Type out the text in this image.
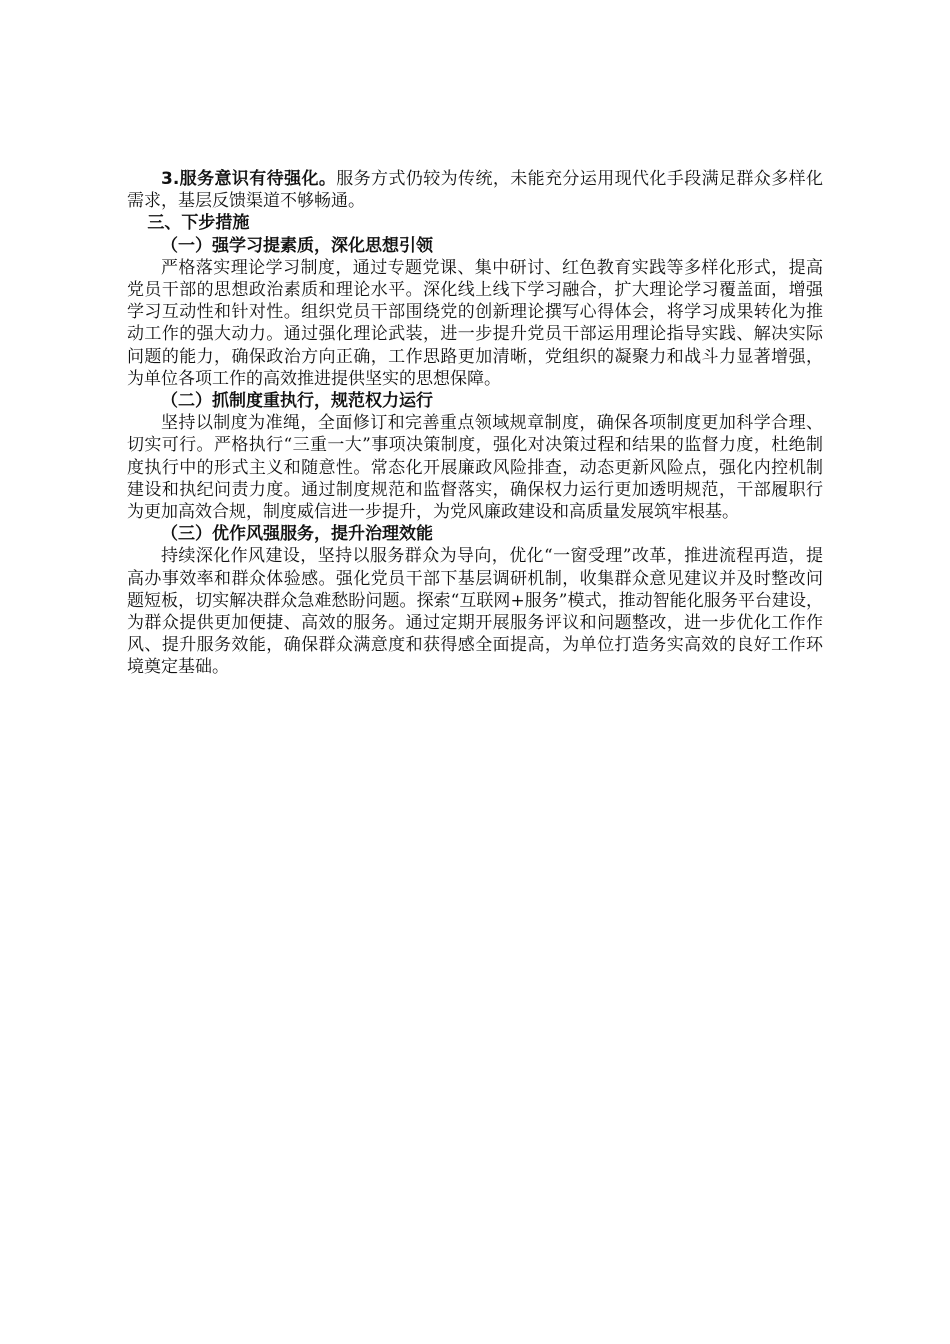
3.服务意识有待强化。服务方式仍较为传统，未能充分运用现代化手段满足群众多样化需求，基层反馈渠道不够畅通。

三、下步措施

（一）强学习提素质，深化思想引领

严格落实理论学习制度，通过专题党课、集中研讨、红色教育实践等多样化形式，提高党员干部的思想政治素质和理论水平。深化线上线下学习融合，扩大理论学习覆盖面，增强学习互动性和针对性。组织党员干部围绕党的创新理论撰写心得体会，将学习成果转化为推动工作的强大动力。通过强化理论武装，进一步提升党员干部运用理论指导实践、解决实际问题的能力，确保政治方向正确，工作思路更加清晰，党组织的凝聚力和战斗力显著增强，为单位各项工作的高效推进提供坚实的思想保障。

（二）抓制度重执行，规范权力运行

坚持以制度为准绳，全面修订和完善重点领域规章制度，确保各项制度更加科学合理、切实可行。严格执行“三重一大”事项决策制度，强化对决策过程和结果的监督力度，杜绝制度执行中的形式主义和随意性。常态化开展廉政风险排查，动态更新风险点，强化内控机制建设和执纪问责力度。通过制度规范和监督落实，确保权力运行更加透明规范，干部履职行为更加高效合规，制度威信进一步提升，为党风廉政建设和高质量发展筑牢根基。

（三）优作风强服务，提升治理效能

持续深化作风建设，坚持以服务群众为导向，优化“一窗受理”改革，推进流程再造，提高办事效率和群众体验感。强化党员干部下基层调研机制，收集群众意见建议并及时整改问题短板，切实解决群众急难愁盼问题。探索“互联网+服务”模式，推动智能化服务平台建设，为群众提供更加便捷、高效的服务。通过定期开展服务评议和问题整改，进一步优化工作作风、提升服务效能，确保群众满意度和获得感全面提高，为单位打造务实高效的良好工作环境奠定基础。
